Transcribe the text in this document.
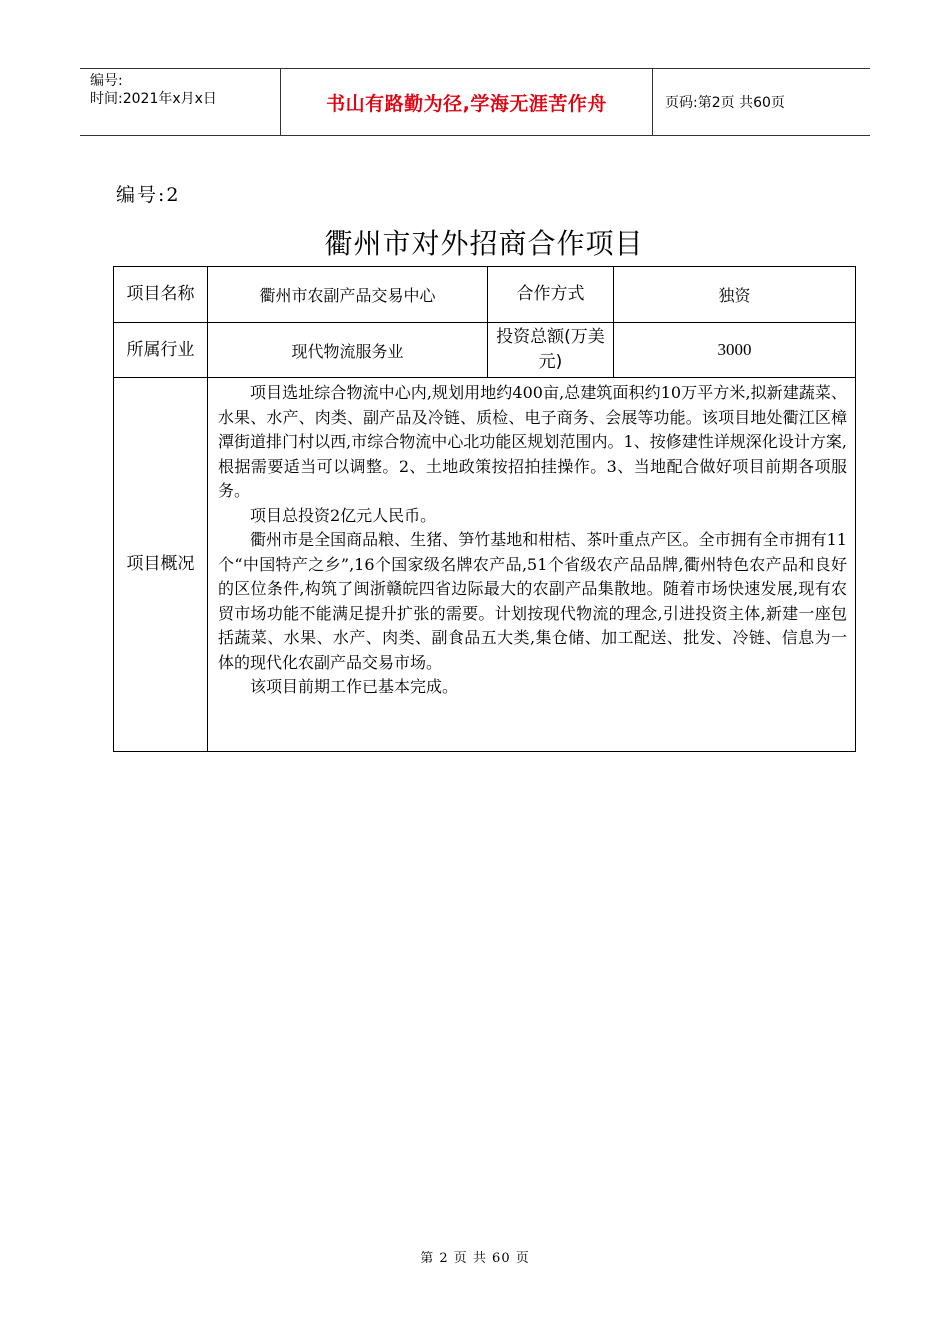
编号:
时间:2021年x月x日	书山有路勤为径,学海无涯苦作舟	页码:第2页 共60页
编号:2
衢州市对外招商合作项目
项目名称	衢州市农副产品交易中心	合作方式	独资
所属行业	现代物流服务业	投资总额(万美元)	3000
项目概况	项目选址综合物流中心内,规划用地约400亩,总建筑面积约10万平方米,拟新建蔬菜、水果、水产、肉类、副产品及冷链、质检、电子商务、会展等功能。该项目地处衢江区樟潭街道排门村以西,市综合物流中心北功能区规划范围内。1、按修建性详规深化设计方案,根据需要适当可以调整。2、土地政策按招拍挂操作。3、当地配合做好项目前期各项服务。

项目总投资2亿元人民币。

衢州市是全国商品粮、生猪、笋竹基地和柑桔、茶叶重点产区。全市拥有全市拥有11个“中国特产之乡”,16个国家级名牌农产品,51个省级农产品品牌,衢州特色农产品和良好的区位条件,构筑了闽浙赣皖四省边际最大的农副产品集散地。随着市场快速发展,现有农贸市场功能不能满足提升扩张的需要。计划按现代物流的理念,引进投资主体,新建一座包括蔬菜、水果、水产、肉类、副食品五大类,集仓储、加工配送、批发、冷链、信息为一体的现代化农副产品交易市场。

该项目前期工作已基本完成。		

第 2 页 共 60 页
